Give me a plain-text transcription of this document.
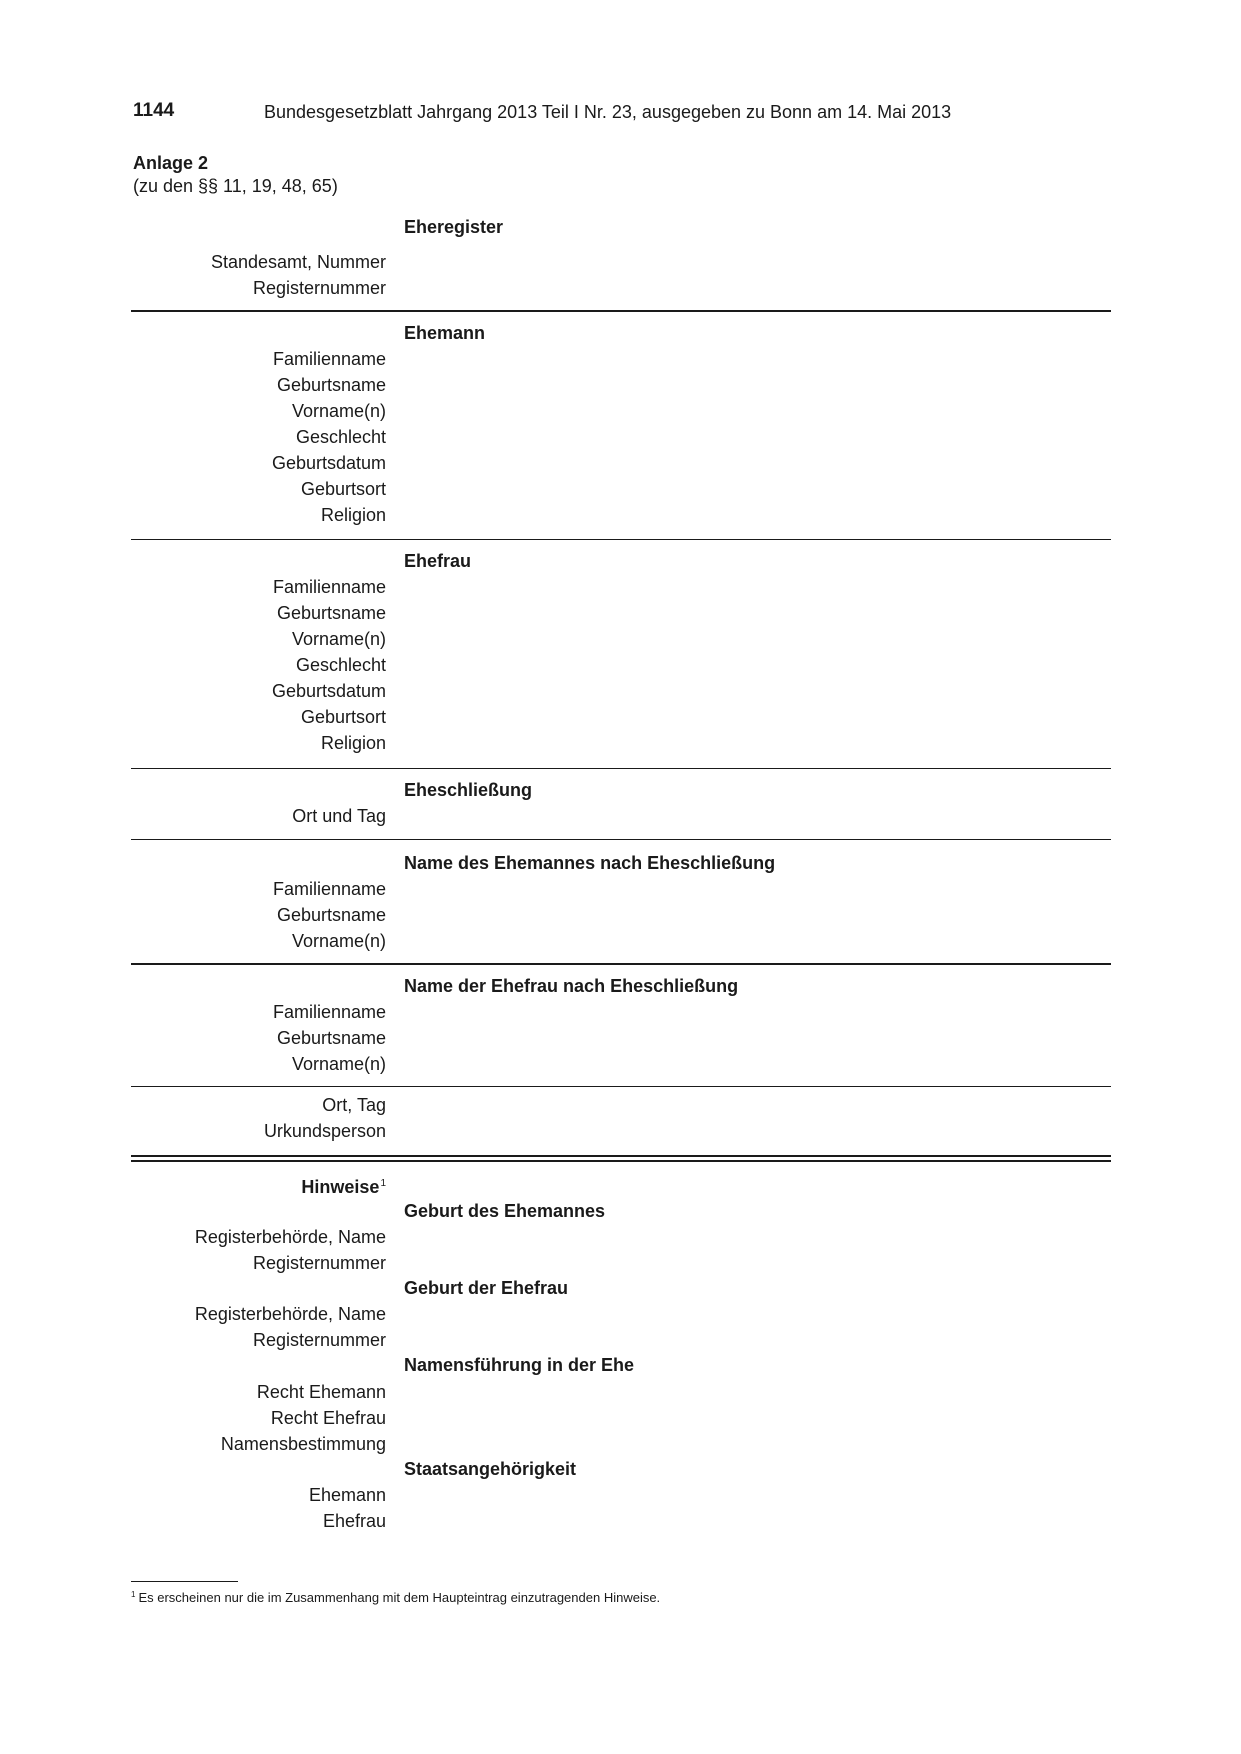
1144	Bundesgesetzblatt Jahrgang 2013 Teil I Nr. 23, ausgegeben zu Bonn am 14. Mai 2013
Anlage 2
(zu den §§ 11, 19, 48, 65)
Eheregister
Standesamt, Nummer
Registernummer
Ehemann
Familienname
Geburtsname
Vorname(n)
Geschlecht
Geburtsdatum
Geburtsort
Religion
Ehefrau
Familienname
Geburtsname
Vorname(n)
Geschlecht
Geburtsdatum
Geburtsort
Religion
Eheschließung
Ort und Tag
Name des Ehemannes nach Eheschließung
Familienname
Geburtsname
Vorname(n)
Name der Ehefrau nach Eheschließung
Familienname
Geburtsname
Vorname(n)
Ort, Tag
Urkundsperson
Hinweise$^1$
Geburt des Ehemannes
Registerbehörde, Name
Registernummer
Geburt der Ehefrau
Registerbehörde, Name
Registernummer
Namensführung in der Ehe
Recht Ehemann
Recht Ehefrau
Namensbestimmung
Staatsangehörigkeit
Ehemann
Ehefrau
$^1$ Es erscheinen nur die im Zusammenhang mit dem Haupteintrag einzutragenden Hinweise.
